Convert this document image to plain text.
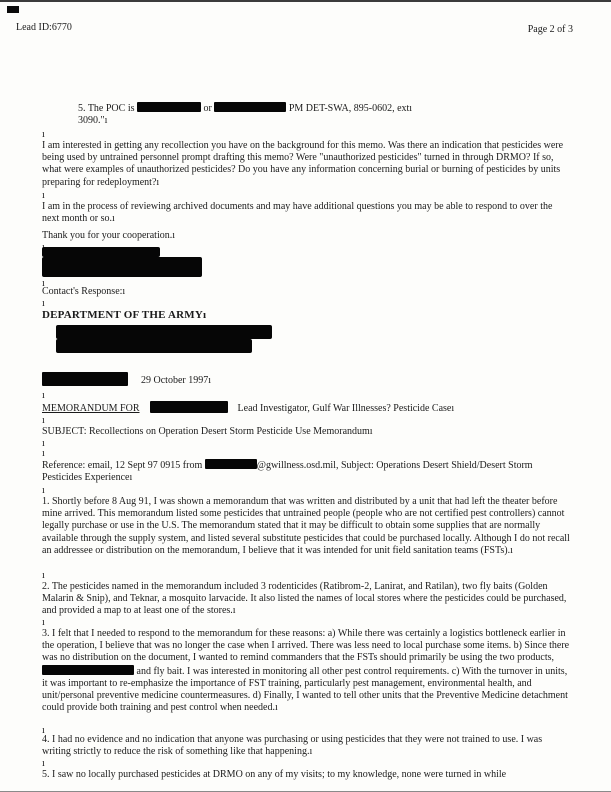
Lead ID:6770	Page 2 of 3
5. The POC is	or	PM DET-SWA, 895-0602, extı
3090."ı
ı
I am interested in getting any recollection you have on the background for this memo. Was there an indication that pesticides were being used by untrained personnel prompt drafting this memo? Were "unauthorized pesticides" turned in through DRMO? If so, what were examples of unauthorized pesticides? Do you have any information concerning burial or burning of pesticides by units preparing for redeployment?ı
ı
I am in the process of reviewing archived documents and may have additional questions you may be able to respond to over the next month or so.ı
Thank you for your cooperation.ı
ı
Contact's Response:ı
ı
DEPARTMENT OF THE ARMYı
29 October 1997ı
ı
MEMORANDUM FOR	Lead Investigator, Gulf War Illnesses? Pesticide Caseı
ı
SUBJECT: Recollections on Operation Desert Storm Pesticide Use Memorandumı
ı
ı
Reference: email, 12 Sept 97 0915 from	@gwillness.osd.mil, Subject: Operations Desert Shield/Desert Storm Pesticides Experienceı
ı
1. Shortly before 8 Aug 91, I was shown a memorandum that was written and distributed by a unit that had left the theater before mine arrived. This memorandum listed some pesticides that untrained people (people who are not certified pest controllers) cannot legally purchase or use in the U.S. The memorandum stated that it may be difficult to obtain some supplies that are normally available through the supply system, and listed several substitute pesticides that could be purchased locally. Although I do not recall an addressee or distribution on the memorandum, I believe that it was intended for unit field sanitation teams (FSTs).ı
ı
2. The pesticides named in the memorandum included 3 rodenticides (Ratibrom-2, Lanirat, and Ratilan), two fly baits (Golden Malarin & Snip), and Teknar, a mosquito larvacide. It also listed the names of local stores where the pesticides could be purchased, and provided a map to at least one of the stores.ı
ı
3. I felt that I needed to respond to the memorandum for these reasons: a) While there was certainly a logistics bottleneck earlier in the operation, I believe that was no longer the case when I arrived. There was less need to local purchase some items. b) Since there was no distribution on the document, I wanted to remind commanders that the FSTs should primarily be using the two products,  and fly bait. I was interested in monitoring all other pest control requirements. c) With the turnover in units, it was important to re-emphasize the importance of FST training, particularly pest management, environmental health, and unit/personal preventive medicine countermeasures. d) Finally, I wanted to tell other units that the Preventive Medicine detachment could provide both training and pest control when needed.ı
ı
4. I had no evidence and no indication that anyone was purchasing or using pesticides that they were not trained to use. I was writing strictly to reduce the risk of something like that happening.ı
ı
5. I saw no locally purchased pesticides at DRMO on any of my visits; to my knowledge, none were turned in while
